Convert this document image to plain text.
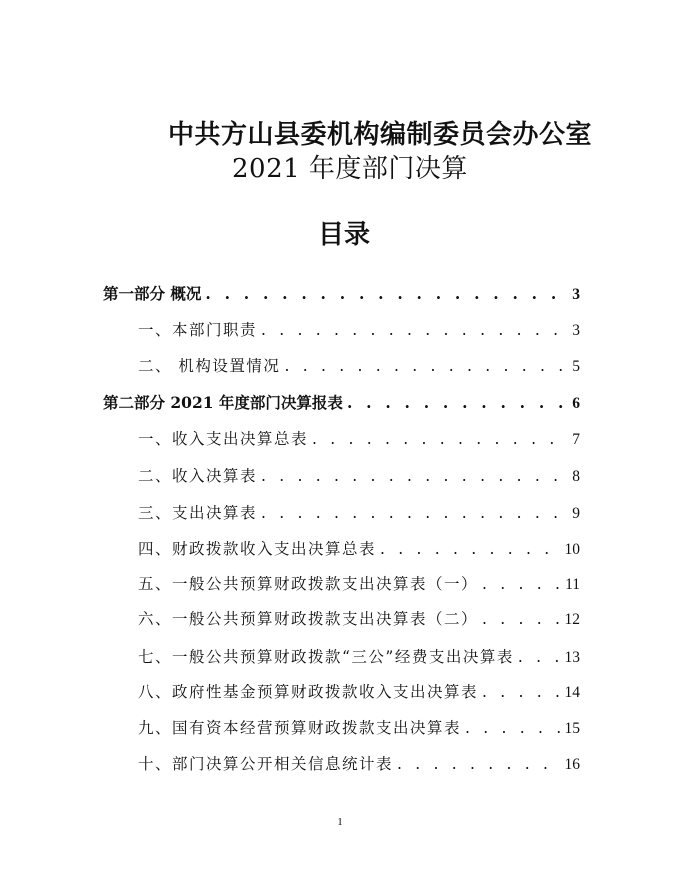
中共方山县委机构编制委员会办公室
2021 年度部门决算
目录
第一部分 概况 . . .	3
一、本部门职责 . . .	3
二、 机构设置情况 . . .	5
第二部分 2021 年度部门决算报表 . . .	6
一、收入支出决算总表 . . .	7
二、收入决算表 . . .	8
三、支出决算表 . . .	9
四、财政拨款收入支出决算总表 . . .	10
五、一般公共预算财政拨款支出决算表（一） . . .	11
六、一般公共预算财政拨款支出决算表（二） . . .	12
七、一般公共预算财政拨款“三公”经费支出决算表 . . .	13
八、政府性基金预算财政拨款收入支出决算表 . . .	14
九、国有资本经营预算财政拨款支出决算表 . . .	15
十、部门决算公开相关信息统计表 . . .	16
1
